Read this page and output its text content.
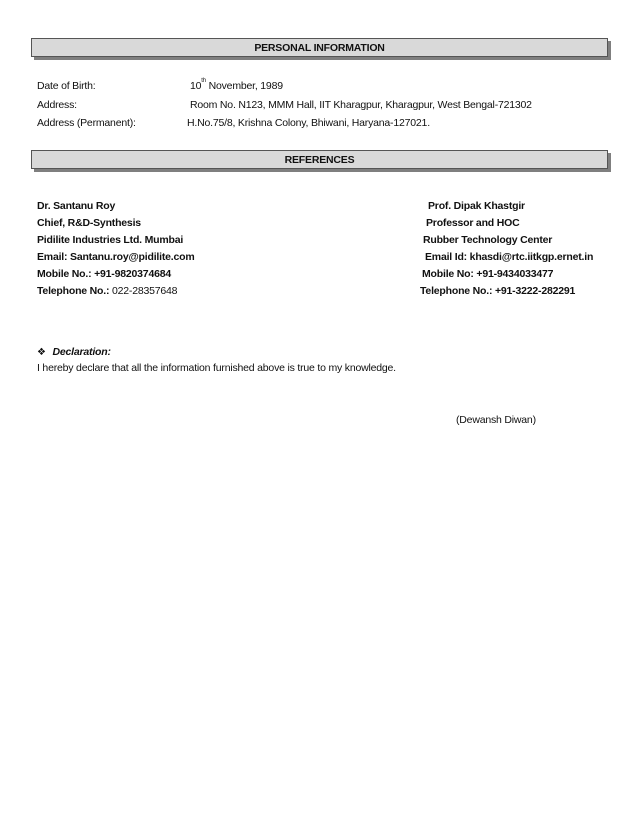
PERSONAL INFORMATION
Date of Birth:	10th November, 1989
Address:	Room No. N123, MMM Hall, IIT Kharagpur, Kharagpur, West Bengal-721302
Address (Permanent):	H.No.75/8, Krishna Colony, Bhiwani, Haryana-127021.
REFERENCES
Dr. Santanu Roy
Chief, R&D-Synthesis
Pidilite Industries Ltd. Mumbai
Email: Santanu.roy@pidilite.com
Mobile No.: +91-9820374684
Telephone No.: 022-28357648
Prof. Dipak Khastgir
Professor and HOC
Rubber Technology Center
Email Id: khasdi@rtc.iitkgp.ernet.in
Mobile No: +91-9434033477
Telephone No.: +91-3222-282291
❖ Declaration:
I hereby declare that all the information furnished above is true to my knowledge.
(Dewansh Diwan)
